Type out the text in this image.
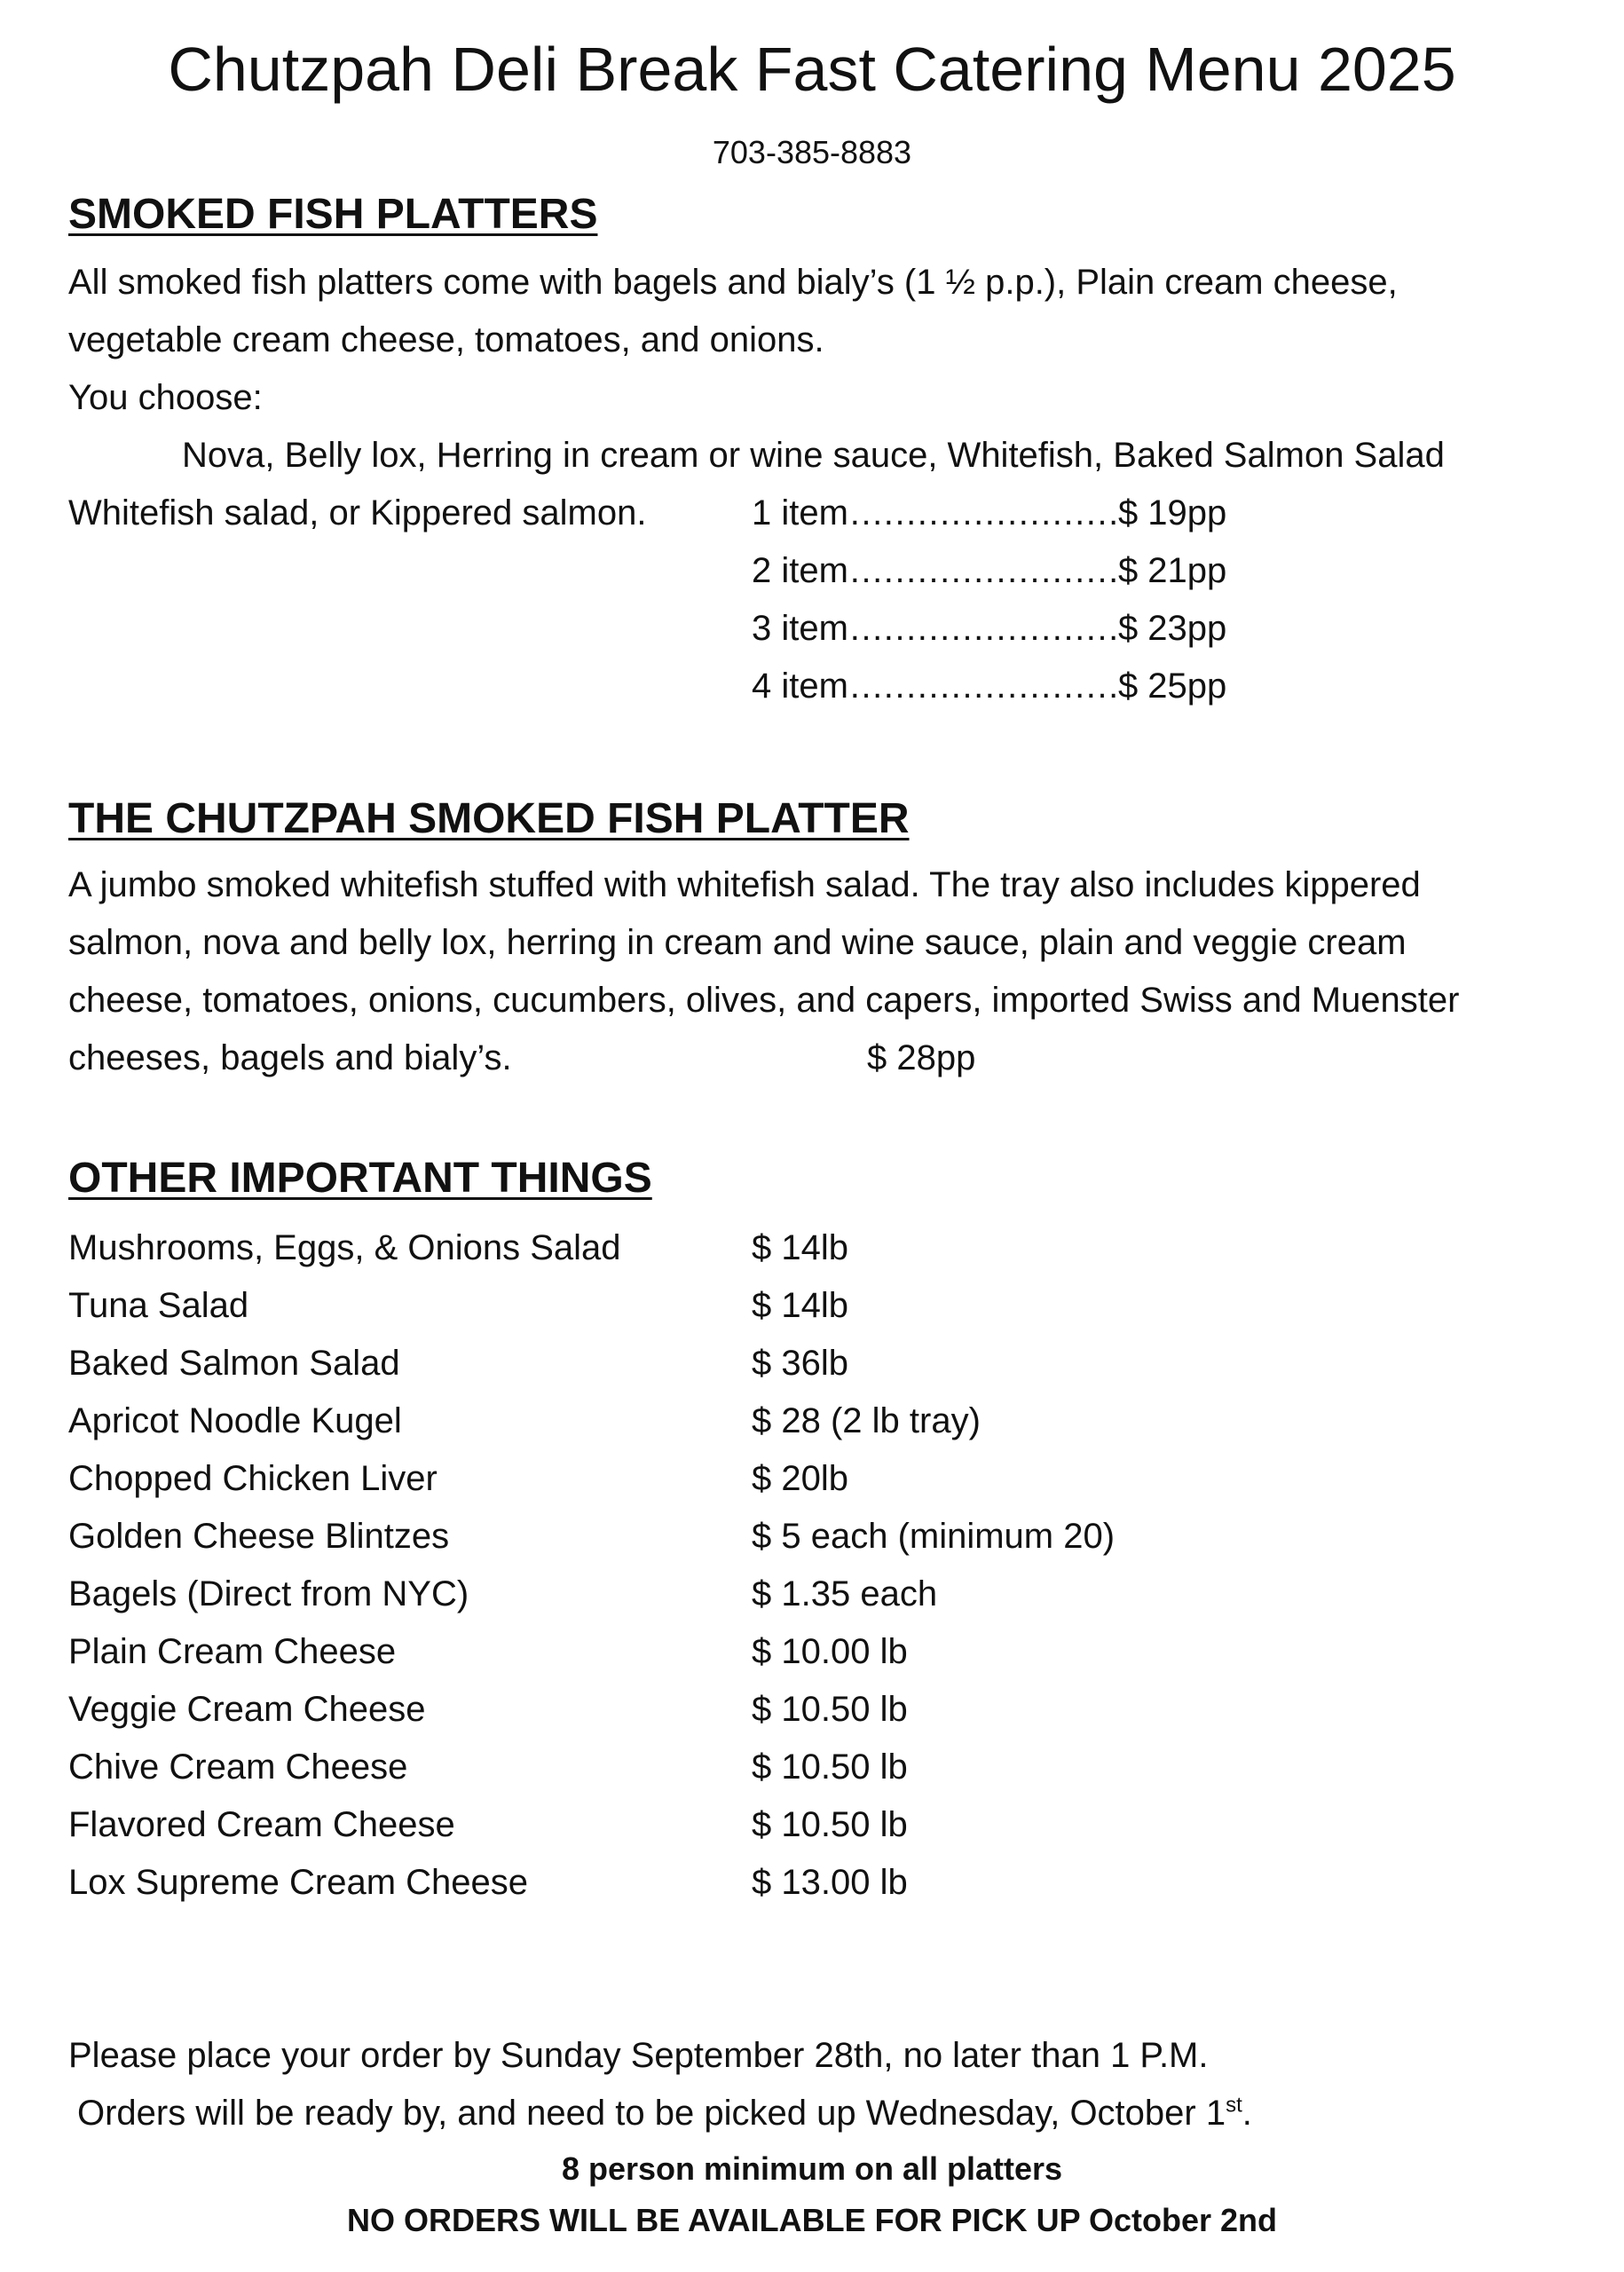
Chutzpah Deli Break Fast Catering Menu 2025
703-385-8883
SMOKED FISH PLATTERS
All smoked fish platters come with bagels and bialy’s (1 ½ p.p.), Plain cream cheese,
vegetable cream cheese, tomatoes, and onions.
You choose:
Nova, Belly lox, Herring in cream or wine sauce, Whitefish, Baked Salmon Salad
Whitefish salad, or Kippered salmon.	1 item……………………$ 19pp
2 item……………………$ 21pp
3 item……………………$ 23pp
4 item……………………$ 25pp
THE CHUTZPAH SMOKED FISH PLATTER
A jumbo smoked whitefish stuffed with whitefish salad. The tray also includes kippered
salmon, nova and belly lox, herring in cream and wine sauce, plain and veggie cream
cheese, tomatoes, onions, cucumbers, olives, and capers, imported Swiss and Muenster
cheeses, bagels and bialy’s.	$ 28pp
OTHER IMPORTANT THINGS
Mushrooms, Eggs, & Onions Salad	$ 14lb
Tuna Salad	$ 14lb
Baked Salmon Salad	$ 36lb
Apricot Noodle Kugel	$ 28 (2 lb tray)
Chopped Chicken Liver	$ 20lb
Golden Cheese Blintzes	$ 5 each (minimum 20)
Bagels (Direct from NYC)	$ 1.35 each
Plain Cream Cheese	$ 10.00 lb
Veggie Cream Cheese	$ 10.50 lb
Chive Cream Cheese	$ 10.50 lb
Flavored Cream Cheese	$ 10.50 lb
Lox Supreme Cream Cheese	$ 13.00 lb
Please place your order by Sunday September 28th, no later than 1 P.M.
Orders will be ready by, and need to be picked up Wednesday, October 1st.
8 person minimum on all platters
NO ORDERS WILL BE AVAILABLE FOR PICK UP October 2nd
